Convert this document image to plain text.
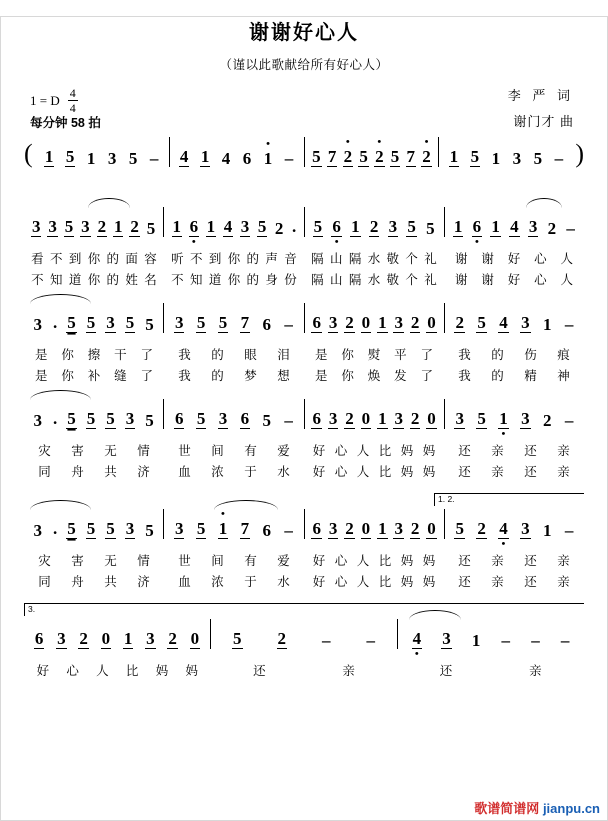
谢谢好心人
（谨以此歌献给所有好心人）
1 = D $\frac{4}{4}$
每分钟 58 拍
李 严 词
谢门才 曲
( 1 5 1 3 5 – 4 1 4 6 • 1 – 5 7 • 2 5 • 2 5 7 • 2 1 5 1 3 5 – )
3 3 5 3 2 1 2 5 1 6 • 1 4 3 5 2 . 5 6 • 1 2 3 5 5 1 6 • 1 4 3 2 –
看 不 到 你 的 面 容 听 不 到 你 的 声 音 隔 山 隔 水 敬 个 礼 谢 谢 好 心 人
不 知 道 你 的 姓 名 不 知 道 你 的 身 份 隔 山 隔 水 敬 个 礼 谢 谢 好 心 人
3 . 5 5 3 5 5 3 5 5 7 6 – 6 3 2 0 1 3 2 0 2 5 4 3 1 –
是 你 擦 干 了 我 的 眼 泪 是 你 熨 平 了 我 的 伤 痕
是 你 补 缝 了 我 的 梦 想 是 你 焕 发 了 我 的 精 神
3 . 5 5 5 3 5 6 5 3 6 5 – 6 3 2 0 1 3 2 0 3 5 1 • 3 2 –
灾 害 无 情 世 间 有 爱 好 心 人 比 妈 妈 还 亲 还 亲
同 舟 共 济 血 浓 于 水 好 心 人 比 妈 妈 还 亲 还 亲
1. 2.
3 . 5 5 5 3 5 3 5 • 1 7 6 – 6 3 2 0 1 3 2 0 5 2 4 • 3 1 –
灾 害 无 情 世 间 有 爱 好 心 人 比 妈 妈 还 亲 还 亲
同 舟 共 济 血 浓 于 水 好 心 人 比 妈 妈 还 亲 还 亲
3.
6 3 2 0 1 3 2 0 5 2 – – 4 • 3 1 – – –
好 心 人 比 妈 妈	还	亲	还	亲
歌谱简谱网 jianpu.cn
